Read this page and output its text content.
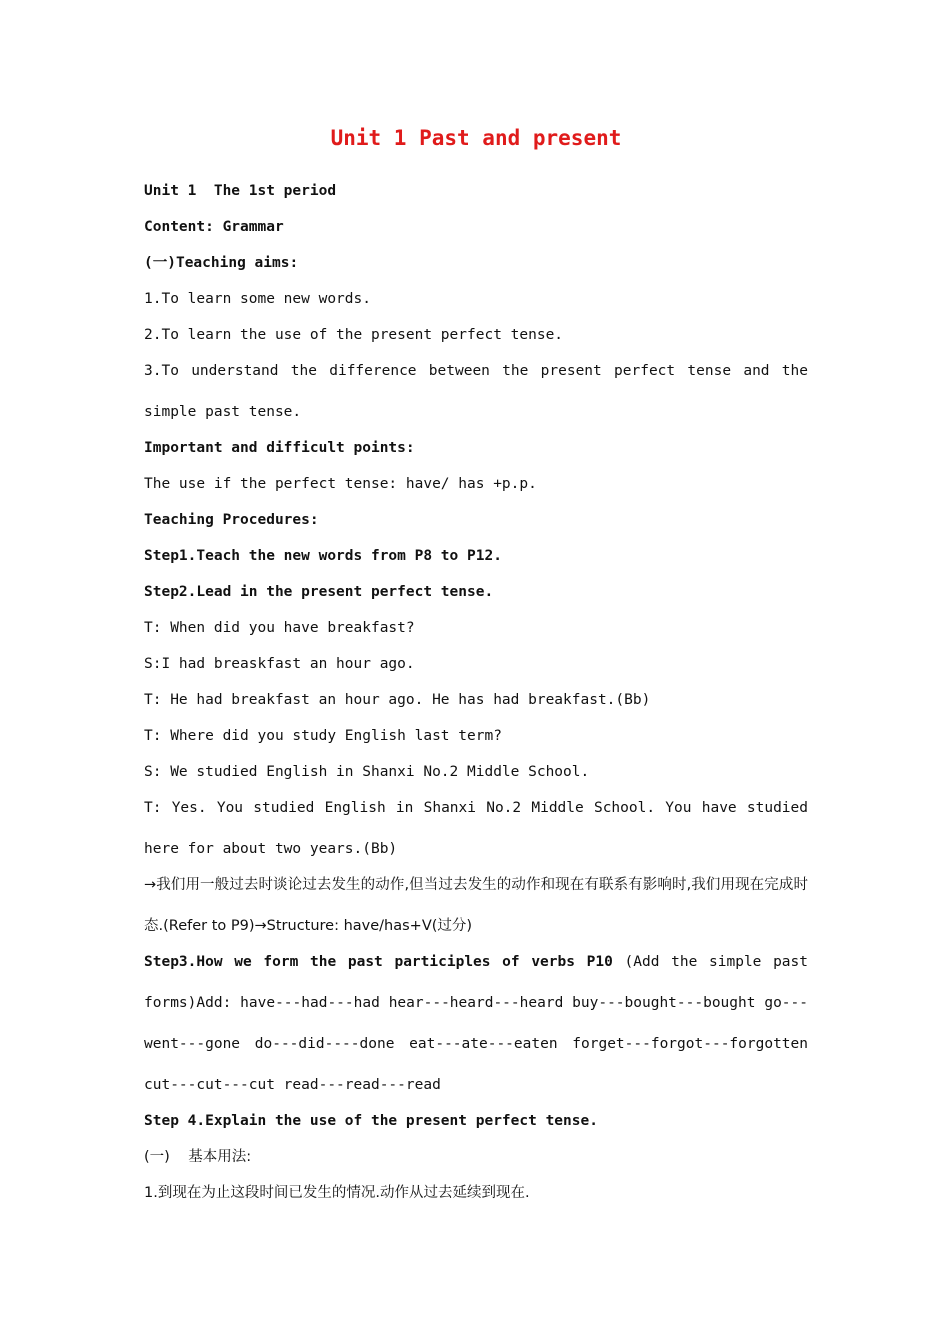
Unit 1 Past and present
Unit 1  The 1st period
Content: Grammar
(一)Teaching aims:
1.To learn some new words.
2.To learn the use of the present perfect tense.
3.To understand the difference between the present perfect tense and the simple past tense.
Important and difficult points:
The use if the perfect tense: have/ has +p.p.
Teaching Procedures:
Step1.Teach the new words from P8 to P12.
Step2.Lead in the present perfect tense.
T: When did you have breakfast?
S:I had breaskfast an hour ago.
T: He had breakfast an hour ago. He has had breakfast.(Bb)
T: Where did you study English last term?
S: We studied English in Shanxi No.2 Middle School.
T: Yes. You studied English in Shanxi No.2 Middle School. You have studied here for about two years.(Bb)
→我们用一般过去时谈论过去发生的动作,但当过去发生的动作和现在有联系有影响时,我们用现在完成时态.(Refer to P9)→Structure: have/has+V(过分)
Step3.How we form the past participles of verbs P10 (Add the simple past forms)Add: have---had---had hear---heard---heard buy---bought---bought go---went---gone do---did----done eat---ate---eaten forget---forgot---forgotten cut---cut---cut read---read---read
Step 4.Explain the use of the present perfect tense.
(一)    基本用法:
1.到现在为止这段时间已发生的情况.动作从过去延续到现在.
